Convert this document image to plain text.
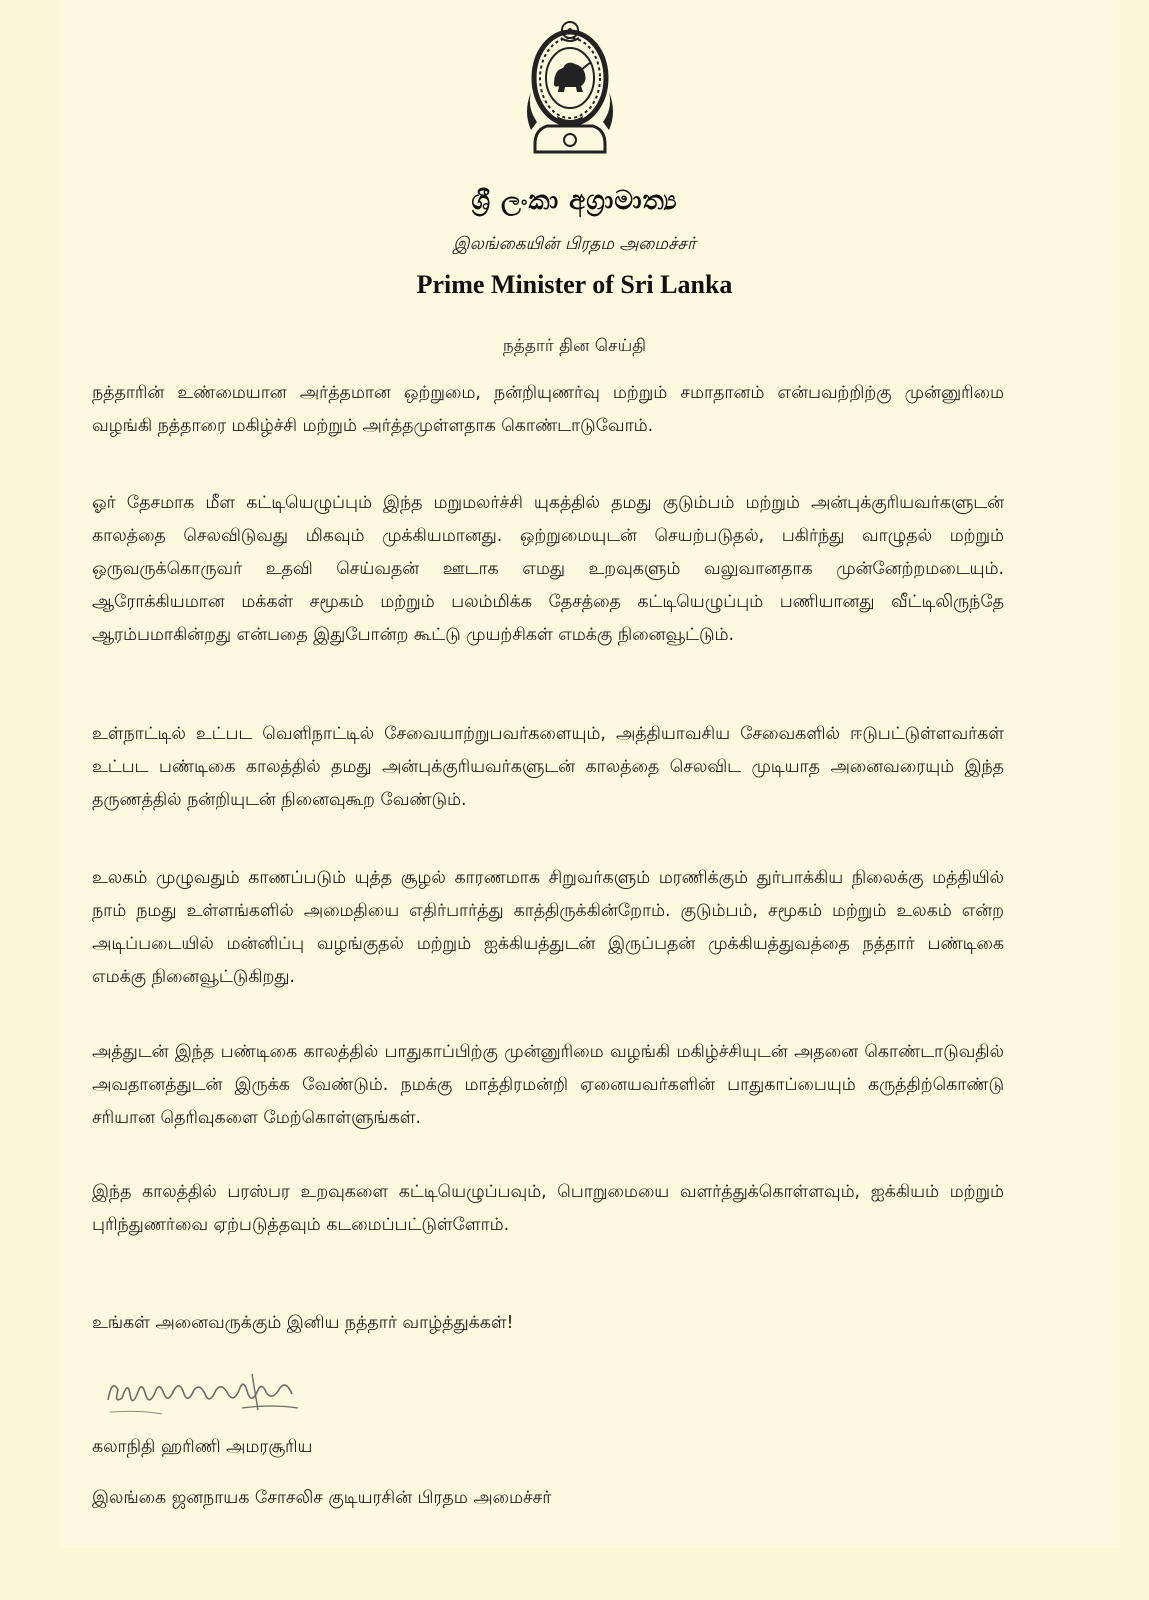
ශ්‍රී ලංකා අග්‍රාමාත්‍ය
இலங்கையின் பிரதம அமைச்சர்
Prime Minister of Sri Lanka
நத்தார் தின செய்தி

நத்தாரின் உண்மையான அர்த்தமான ஒற்றுமை, நன்றியுணர்வு மற்றும் சமாதானம் என்பவற்றிற்கு முன்னுரிமை வழங்கி நத்தாரை மகிழ்ச்சி மற்றும் அர்த்தமுள்ளதாக கொண்டாடுவோம்.

ஓர் தேசமாக மீள கட்டியெழுப்பும் இந்த மறுமலர்ச்சி யுகத்தில் தமது குடும்பம் மற்றும் அன்புக்குரியவர்களுடன் காலத்தை செலவிடுவது மிகவும் முக்கியமானது. ஒற்றுமையுடன் செயற்படுதல், பகிர்ந்து வாழுதல் மற்றும் ஒருவருக்கொருவர் உதவி செய்வதன் ஊடாக எமது உறவுகளும் வலுவானதாக முன்னேற்றமடையும். ஆரோக்கியமான மக்கள் சமூகம் மற்றும் பலம்மிக்க தேசத்தை கட்டியெழுப்பும் பணியானது வீட்டிலிருந்தே ஆரம்பமாகின்றது என்பதை இதுபோன்ற கூட்டு முயற்சிகள் எமக்கு நினைவூட்டும்.

உள்நாட்டில் உட்பட வெளிநாட்டில் சேவையாற்றுபவர்களையும், அத்தியாவசிய சேவைகளில் ஈடுபட்டுள்ளவர்கள் உட்பட பண்டிகை காலத்தில் தமது அன்புக்குரியவர்களுடன் காலத்தை செலவிட முடியாத அனைவரையும் இந்த தருணத்தில் நன்றியுடன் நினைவுகூற வேண்டும்.

உலகம் முழுவதும் காணப்படும் யுத்த சூழல் காரணமாக சிறுவர்களும் மரணிக்கும் துர்பாக்கிய நிலைக்கு மத்தியில் நாம் நமது உள்ளங்களில் அமைதியை எதிர்பார்த்து காத்திருக்கின்றோம். குடும்பம், சமூகம் மற்றும் உலகம் என்ற அடிப்படையில் மன்னிப்பு வழங்குதல் மற்றும் ஐக்கியத்துடன் இருப்பதன் முக்கியத்துவத்தை நத்தார் பண்டிகை எமக்கு நினைவூட்டுகிறது.

அத்துடன் இந்த பண்டிகை காலத்தில் பாதுகாப்பிற்கு முன்னுரிமை வழங்கி மகிழ்ச்சியுடன் அதனை கொண்டாடுவதில் அவதானத்துடன் இருக்க வேண்டும். நமக்கு மாத்திரமன்றி ஏனையவர்களின் பாதுகாப்பையும் கருத்திற்கொண்டு சரியான தெரிவுகளை மேற்கொள்ளுங்கள்.

இந்த காலத்தில் பரஸ்பர உறவுகளை கட்டியெழுப்பவும், பொறுமையை வளர்த்துக்கொள்ளவும், ஐக்கியம் மற்றும் புரிந்துணர்வை ஏற்படுத்தவும் கடமைப்பட்டுள்ளோம்.

உங்கள் அனைவருக்கும் இனிய நத்தார் வாழ்த்துக்கள்!
கலாநிதி ஹரிணி அமரசூரிய
இலங்கை ஜனநாயக சோசலிச குடியரசின் பிரதம அமைச்சர்
